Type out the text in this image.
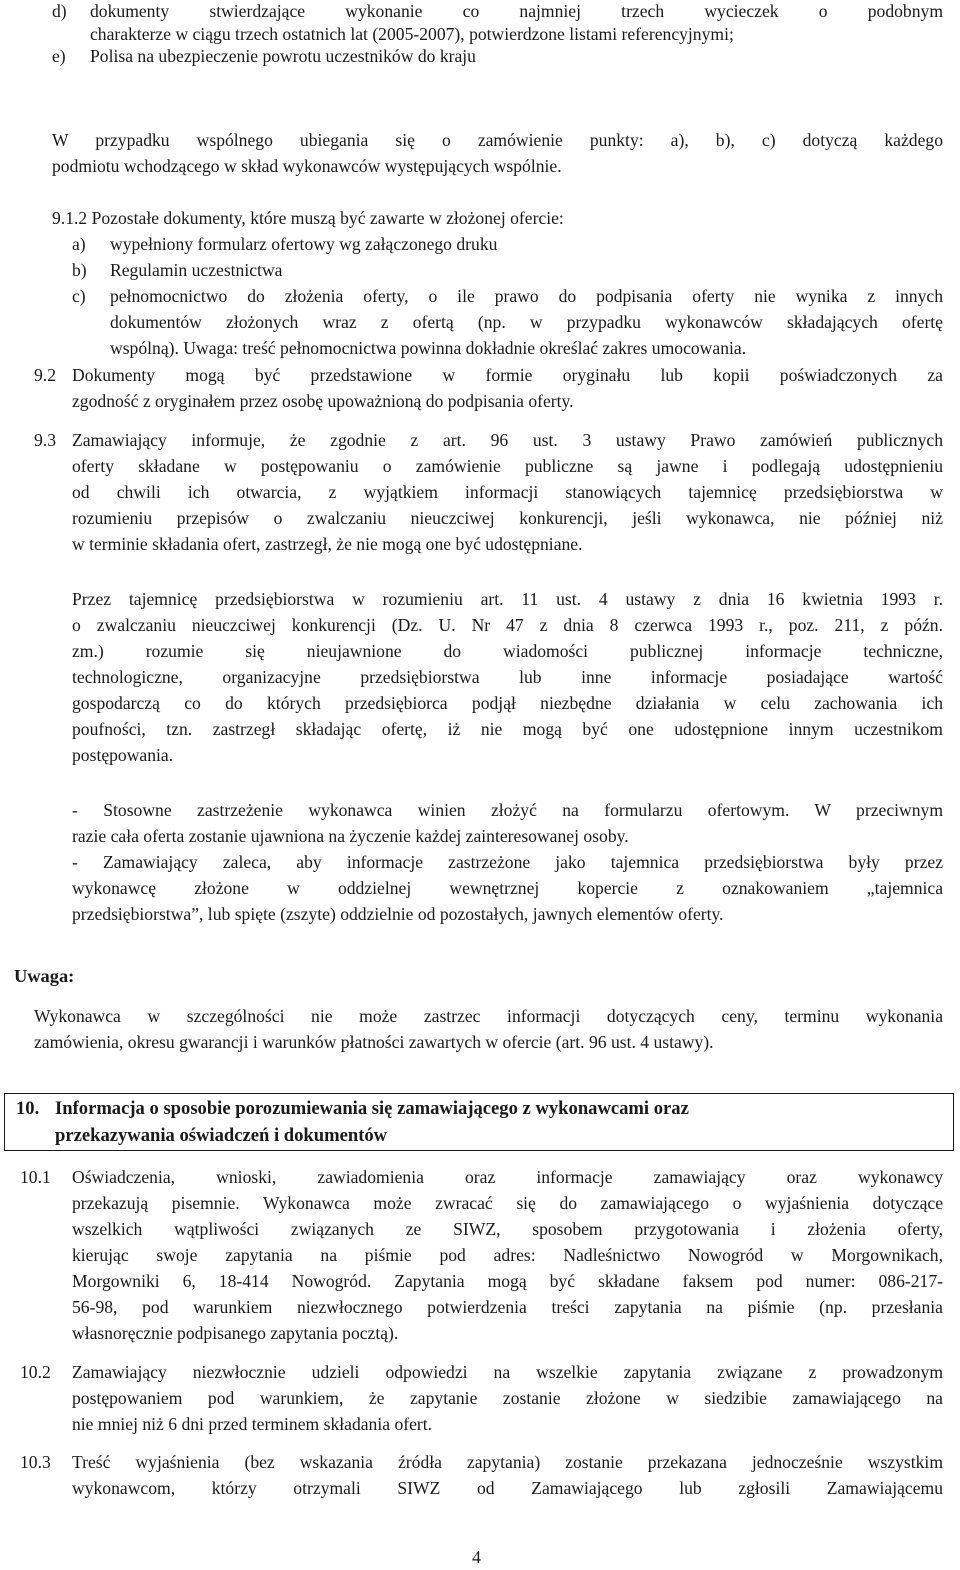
d) dokumenty stwierdzające wykonanie co najmniej trzech wycieczek o podobnym
charakterze w ciągu trzech ostatnich lat (2005-2007), potwierdzone listami referencyjnymi;
e) Polisa na ubezpieczenie powrotu uczestników do kraju
W przypadku wspólnego ubiegania się o zamówienie punkty: a), b), c) dotyczą każdego
podmiotu wchodzącego w skład wykonawców występujących wspólnie.
9.1.2 Pozostałe dokumenty, które muszą być zawarte w złożonej ofercie:
a) wypełniony formularz ofertowy wg załączonego druku
b) Regulamin uczestnictwa
c) pełnomocnictwo do złożenia oferty, o ile prawo do podpisania oferty nie wynika z innych
dokumentów złożonych wraz z ofertą (np. w przypadku wykonawców składających ofertę
wspólną). Uwaga: treść pełnomocnictwa powinna dokładnie określać zakres umocowania.
9.2 Dokumenty mogą być przedstawione w formie oryginału lub kopii poświadczonych za
zgodność z oryginałem przez osobę upoważnioną do podpisania oferty.
9.3 Zamawiający informuje, że zgodnie z art. 96 ust. 3 ustawy Prawo zamówień publicznych
oferty składane w postępowaniu o zamówienie publiczne są jawne i podlegają udostępnieniu
od chwili ich otwarcia, z wyjątkiem informacji stanowiących tajemnicę przedsiębiorstwa w
rozumieniu przepisów o zwalczaniu nieuczciwej konkurencji, jeśli wykonawca, nie później niż
w terminie składania ofert, zastrzegł, że nie mogą one być udostępniane.
Przez tajemnicę przedsiębiorstwa w rozumieniu art. 11 ust. 4 ustawy z dnia 16 kwietnia 1993 r.
o zwalczaniu nieuczciwej konkurencji (Dz. U. Nr 47 z dnia 8 czerwca 1993 r., poz. 211, z późn.
zm.) rozumie się nieujawnione do wiadomości publicznej informacje techniczne,
technologiczne, organizacyjne przedsiębiorstwa lub inne informacje posiadające wartość
gospodarczą co do których przedsiębiorca podjął niezbędne działania w celu zachowania ich
poufności, tzn. zastrzegł składając ofertę, iż nie mogą być one udostępnione innym uczestnikom
postępowania.
- Stosowne zastrzeżenie wykonawca winien złożyć na formularzu ofertowym. W przeciwnym
razie cała oferta zostanie ujawniona na życzenie każdej zainteresowanej osoby.
- Zamawiający zaleca, aby informacje zastrzeżone jako tajemnica przedsiębiorstwa były przez
wykonawcę złożone w oddzielnej wewnętrznej kopercie z oznakowaniem „tajemnica
przedsiębiorstwa”, lub spięte (zszyte) oddzielnie od pozostałych, jawnych elementów oferty.
Uwaga:
Wykonawca w szczególności nie może zastrzec informacji dotyczących ceny, terminu wykonania
zamówienia, okresu gwarancji i warunków płatności zawartych w ofercie (art. 96 ust. 4 ustawy).
10. Informacja o sposobie porozumiewania się zamawiającego z wykonawcami oraz
przekazywania oświadczeń i dokumentów
10.1 Oświadczenia, wnioski, zawiadomienia oraz informacje zamawiający oraz wykonawcy
przekazują pisemnie. Wykonawca może zwracać się do zamawiającego o wyjaśnienia dotyczące
wszelkich wątpliwości związanych ze SIWZ, sposobem przygotowania i złożenia oferty,
kierując swoje zapytania na piśmie pod adres: Nadleśnictwo Nowogród w Morgownikach,
Morgowniki 6, 18-414 Nowogród. Zapytania mogą być składane faksem pod numer: 086-217-
56-98, pod warunkiem niezwłocznego potwierdzenia treści zapytania na piśmie (np. przesłania
własnoręcznie podpisanego zapytania pocztą).
10.2 Zamawiający niezwłocznie udzieli odpowiedzi na wszelkie zapytania związane z prowadzonym
postępowaniem pod warunkiem, że zapytanie zostanie złożone w siedzibie zamawiającego na
nie mniej niż 6 dni przed terminem składania ofert.
10.3 Treść wyjaśnienia (bez wskazania źródła zapytania) zostanie przekazana jednocześnie wszystkim
wykonawcom, którzy otrzymali SIWZ od Zamawiającego lub zgłosili Zamawiającemu
4
